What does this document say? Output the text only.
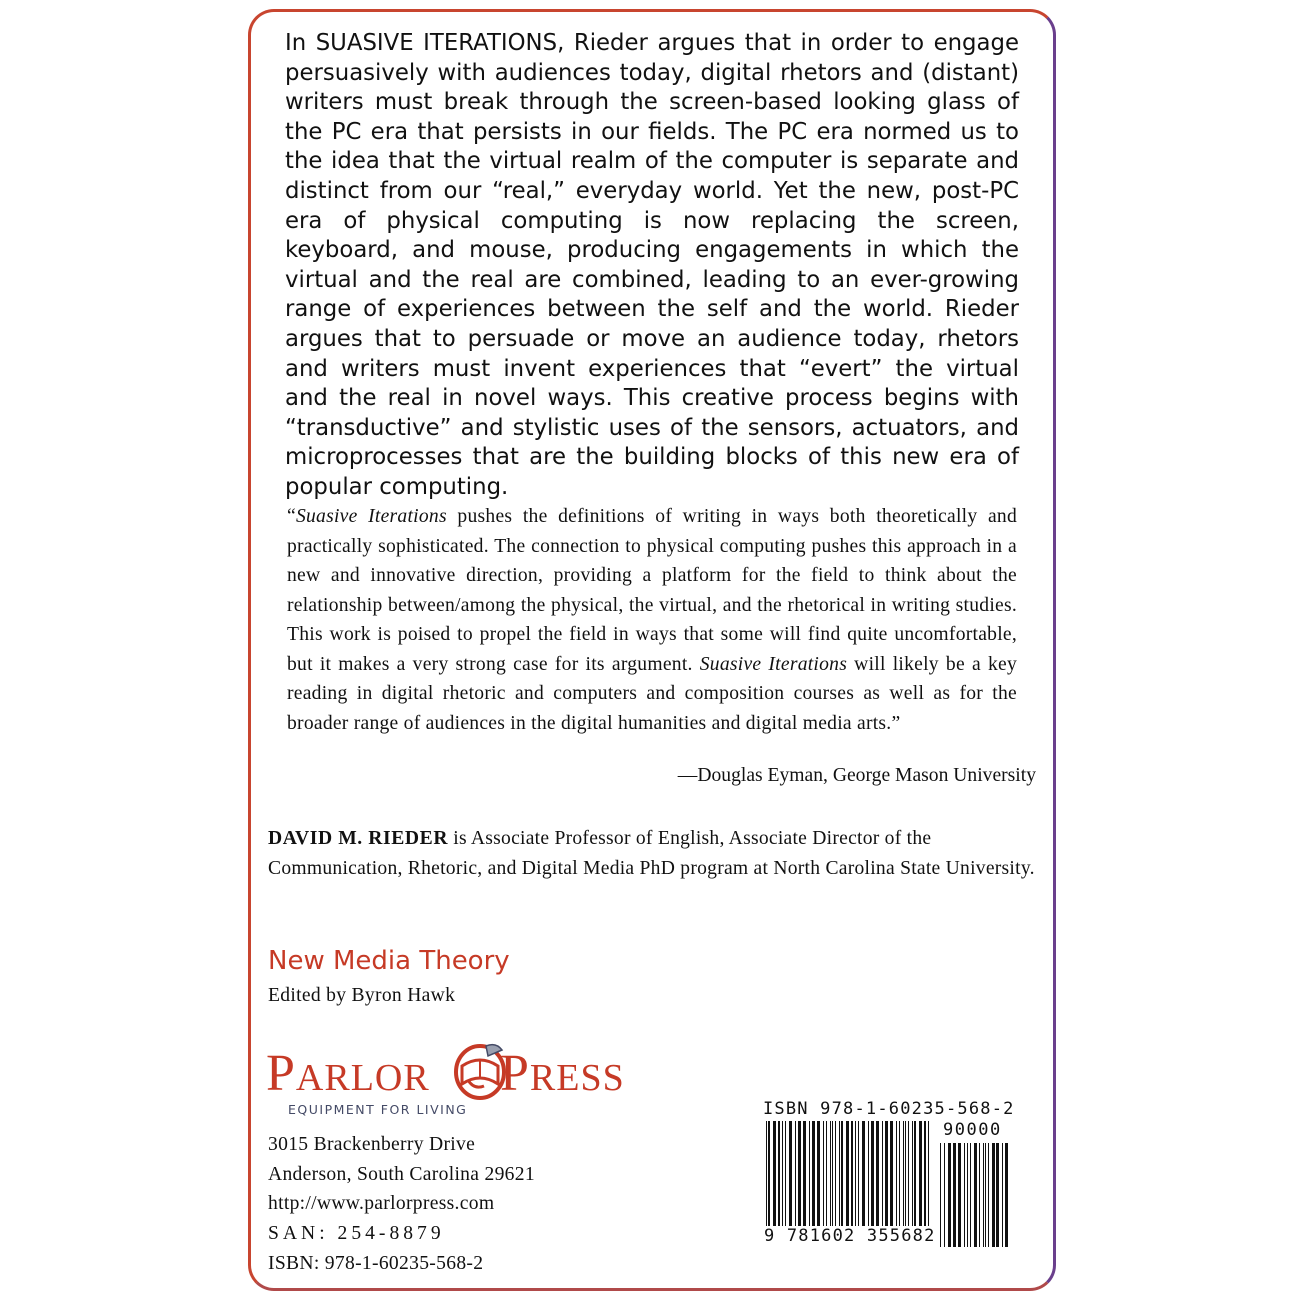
In SUASIVE ITERATIONS, Rieder argues that in order to engage persuasively with audiences today, digital rhetors and (distant) writers must break through the screen-based looking glass of the PC era that persists in our fields. The PC era normed us to the idea that the virtual realm of the computer is separate and distinct from our “real,” everyday world. Yet the new, post-PC era of physical computing is now replacing the screen, keyboard, and mouse, producing engagements in which the virtual and the real are combined, leading to an ever-growing range of experiences between the self and the world. Rieder argues that to persuade or move an audience today, rhetors and writers must invent experiences that “evert” the virtual and the real in novel ways. This creative process begins with “transductive” and stylistic uses of the sensors, actuators, and microprocesses that are the building blocks of this new era of popular computing.

“Suasive Iterations pushes the definitions of writing in ways both theoretically and practically sophisticated. The connection to physical computing pushes this approach in a new and innovative direction, providing a platform for the field to think about the relationship between/among the physical, the virtual, and the rhetorical in writing studies. This work is poised to propel the field in ways that some will find quite uncomfortable, but it makes a very strong case for its argument. Suasive Iterations will likely be a key reading in digital rhetoric and computers and composition courses as well as for the broader range of audiences in the digital humanities and digital media arts.”

—Douglas Eyman, George Mason University

DAVID M. RIEDER is Associate Professor of English, Associate Director of the Communication, Rhetoric, and Digital Media PhD program at North Carolina State University.

New Media Theory
Edited by Byron Hawk
PARLOR PRESS
EQUIPMENT FOR LIVING
3015 Brackenberry Drive
Anderson, South Carolina 29621
http://www.parlorpress.com
SAN: 254-8879
ISBN: 978-1-60235-568-2
ISBN 978-1-60235-568-2
90000
9 781602 355682
